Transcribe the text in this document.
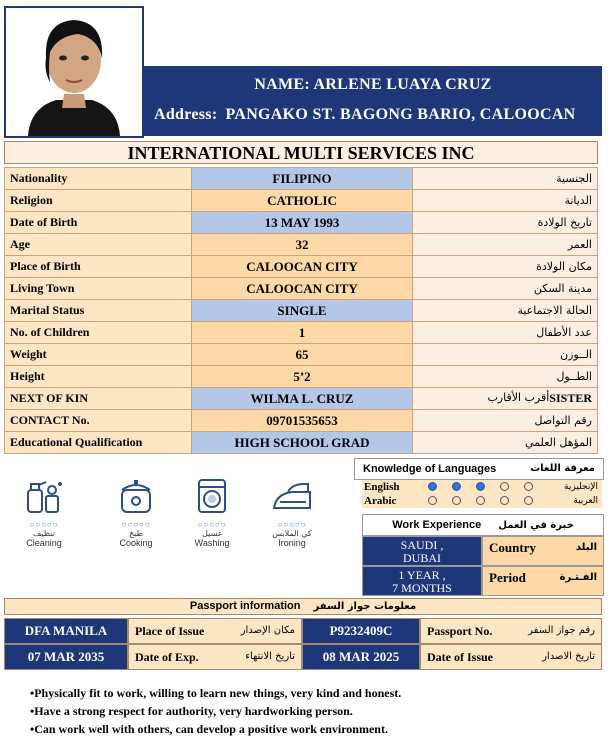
NAME: ARLENE LUAYA CRUZ
Address: PANGAKO ST. BAGONG BARIO, CALOOCAN
INTERNATIONAL MULTI SERVICES INC
Nationality	FILIPINO	الجنسية
Religion	CATHOLIC	الديانة
Date of Birth	13 MAY 1993	تاريخ الولادة
Age	32	العمر
Place of Birth	CALOOCAN CITY	مكان الولادة
Living Town	CALOOCAN CITY	مدينة السكن
Marital Status	SINGLE	الحالة الاجتماعية
No. of Children	1	عدد الأطفال
Weight	65	الــوزن
Height	5’2	الطــول
NEXT OF KIN	WILMA L. CRUZ	أقرب الأقارب SISTER

CONTACT No.	09701535653	رقم التواصل
Educational Qualification	HIGH SCHOOL GRAD	المؤهل العلمي
○○○○○
تنظيف
Cleaning
○○○○○
طبخ
Cooking
○○○○○
غسيل
Washing
○○○○○
كي الملابس
Ironing
Knowledge of Languages	معرفة اللغات
English	الإنجليزية
Arabic	العربية
Work Experience خبرة في العمل
SAUDI ,
DUBAI
Country	البلد
1 YEAR ,
7 MONTHS
Period	الفـتـرة
Passport information معلومات جواز السفر
DFA MANILA	Place of Issue	مكان الإصدار	P9232409C	Passport No.	رقم جواز السفر
07 MAR 2035	Date of Exp.	تاريخ الانتهاء	08 MAR 2025	Date of Issue	تاريخ الاصدار
•Physically fit to work, willing to learn new things, very kind and honest.
•Have a strong respect for authority, very hardworking person.
•Can work well with others, can develop a positive work environment.
